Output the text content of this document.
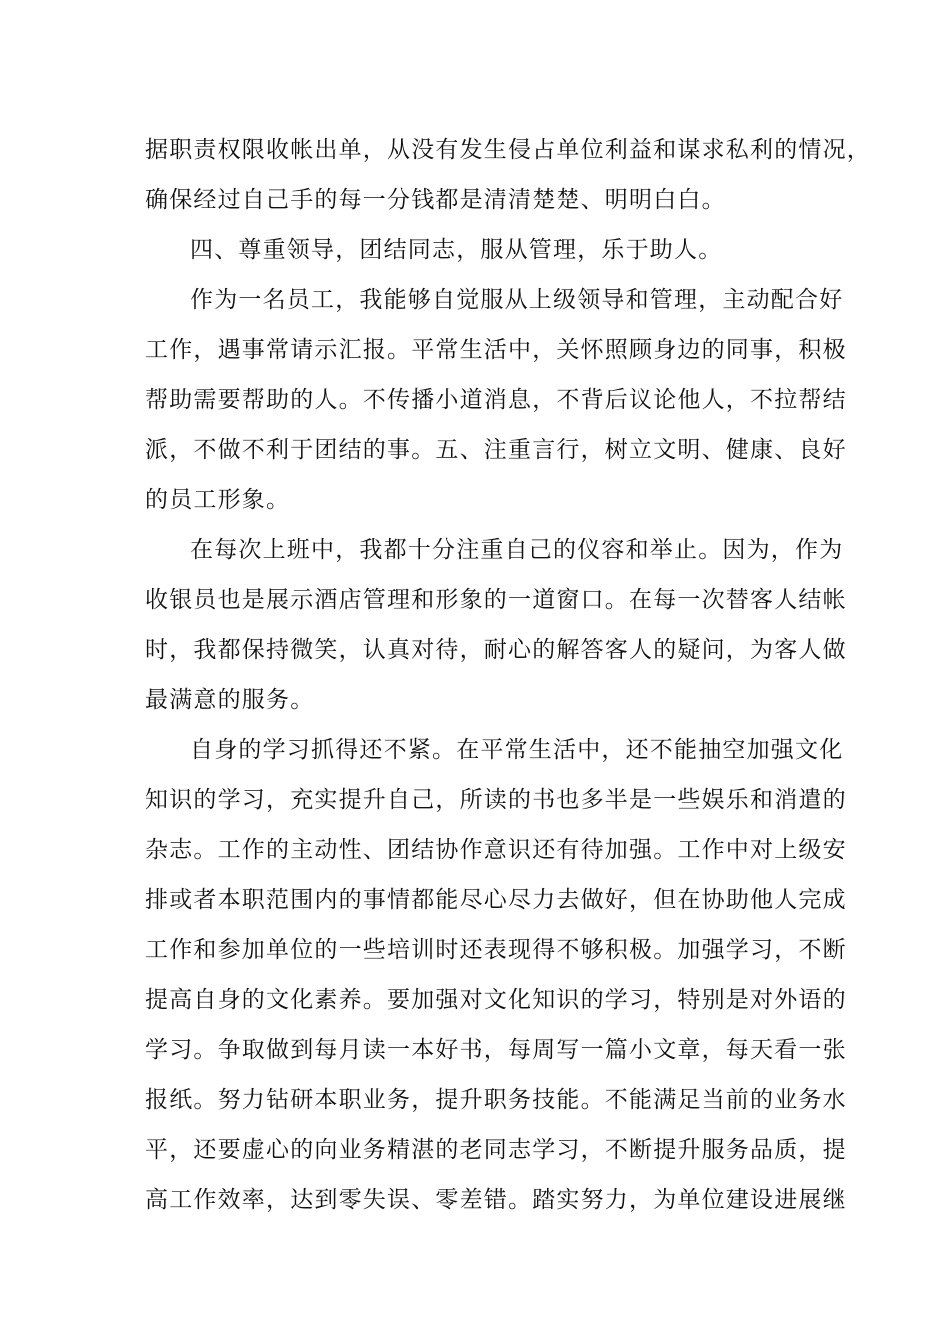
据职责权限收帐出单，从没有发生侵占单位利益和谋求私利的情况，
确保经过自己手的每一分钱都是清清楚楚、明明白白。
四、尊重领导，团结同志，服从管理，乐于助人。
作为一名员工，我能够自觉服从上级领导和管理，主动配合好
工作，遇事常请示汇报。平常生活中，关怀照顾身边的同事，积极
帮助需要帮助的人。不传播小道消息，不背后议论他人，不拉帮结
派，不做不利于团结的事。五、注重言行，树立文明、健康、良好
的员工形象。
在每次上班中，我都十分注重自己的仪容和举止。因为，作为
收银员也是展示酒店管理和形象的一道窗口。在每一次替客人结帐
时，我都保持微笑，认真对待，耐心的解答客人的疑问，为客人做
最满意的服务。
自身的学习抓得还不紧。在平常生活中，还不能抽空加强文化
知识的学习，充实提升自己，所读的书也多半是一些娱乐和消遣的
杂志。工作的主动性、团结协作意识还有待加强。工作中对上级安
排或者本职范围内的事情都能尽心尽力去做好，但在协助他人完成
工作和参加单位的一些培训时还表现得不够积极。加强学习，不断
提高自身的文化素养。要加强对文化知识的学习，特别是对外语的
学习。争取做到每月读一本好书，每周写一篇小文章，每天看一张
报纸。努力钻研本职业务，提升职务技能。不能满足当前的业务水
平，还要虚心的向业务精湛的老同志学习，不断提升服务品质，提
高工作效率，达到零失误、零差错。踏实努力，为单位建设进展继
